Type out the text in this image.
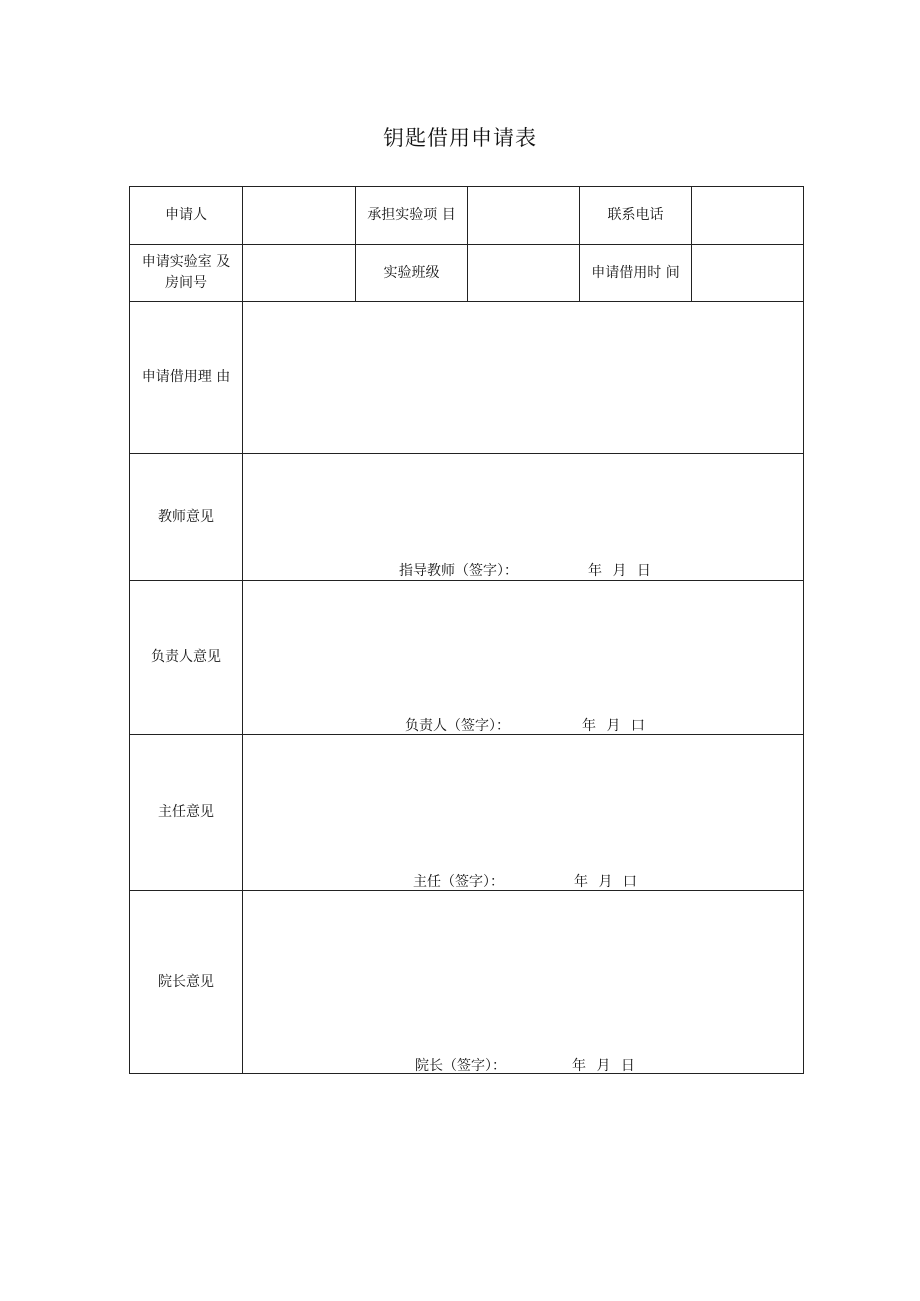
钥匙借用申请表
申请人	承担实验项 目	联系电话
申请实验室 及
房间号
实验班级	申请借用时 间
申请借用理 由
教师意见
指导教师（签字）：	年 月 日
负责人意见
负责人（签字）：	年 月 口
主任意见
主任（签字）：	年 月 口
院长意见
院长（签字）：	年 月 日
